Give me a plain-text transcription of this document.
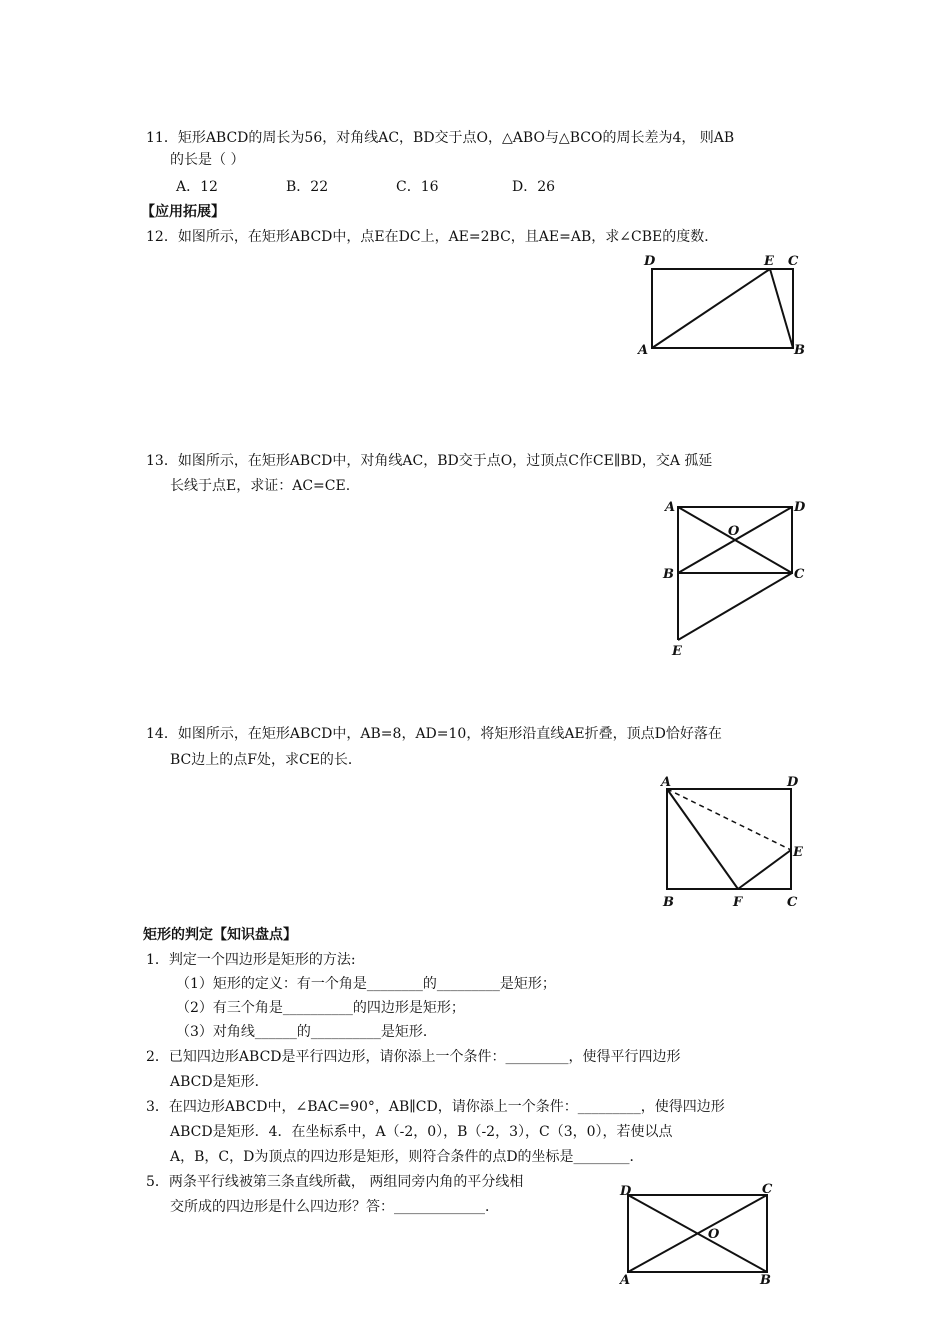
11．矩形ABCD的周长为56，对角线AC，BD交于点O，△ABO与△BCO的周长差为4， 则AB
的长是（ ）
A．12	B．22	C．16	D．26
【应用拓展】
12．如图所示，在矩形ABCD中，点E在DC上，AE=2BC，且AE=AB，求∠CBE的度数．
D	E C
A	B
13．如图所示，在矩形ABCD中，对角线AC，BD交于点O，过顶点C作CE∥BD，交A 孤延
长线于点E，求证：AC=CE.
A	D
O
B	C
E
14．如图所示，在矩形ABCD中，AB=8，AD=10，将矩形沿直线AE折叠，顶点D恰好落在
BC边上的点F处，求CE的长．
A	D
E
B	F	C
矩形的判定【知识盘点】
1．判定一个四边形是矩形的方法:
（1）矩形的定义：有一个角是________的_________是矩形；
（2）有三个角是__________的四边形是矩形；
（3）对角线______的__________是矩形．
2．已知四边形ABCD是平行四边形，请你添上一个条件：_________，使得平行四边形
ABCD是矩形．
3．在四边形ABCD中，∠BAC=90°，AB∥CD，请你添上一个条件：_________，使得四边形
ABCD是矩形．4．在坐标系中，A（-2，0），B（-2，3），C（3，0），若使以点
A，B，C，D为顶点的四边形是矩形，则符合条件的点D的坐标是________．
5．两条平行线被第三条直线所截， 两组同旁内角的平分线相
交所成的四边形是什么四边形？答：_____________．
D	C
O
A	B
